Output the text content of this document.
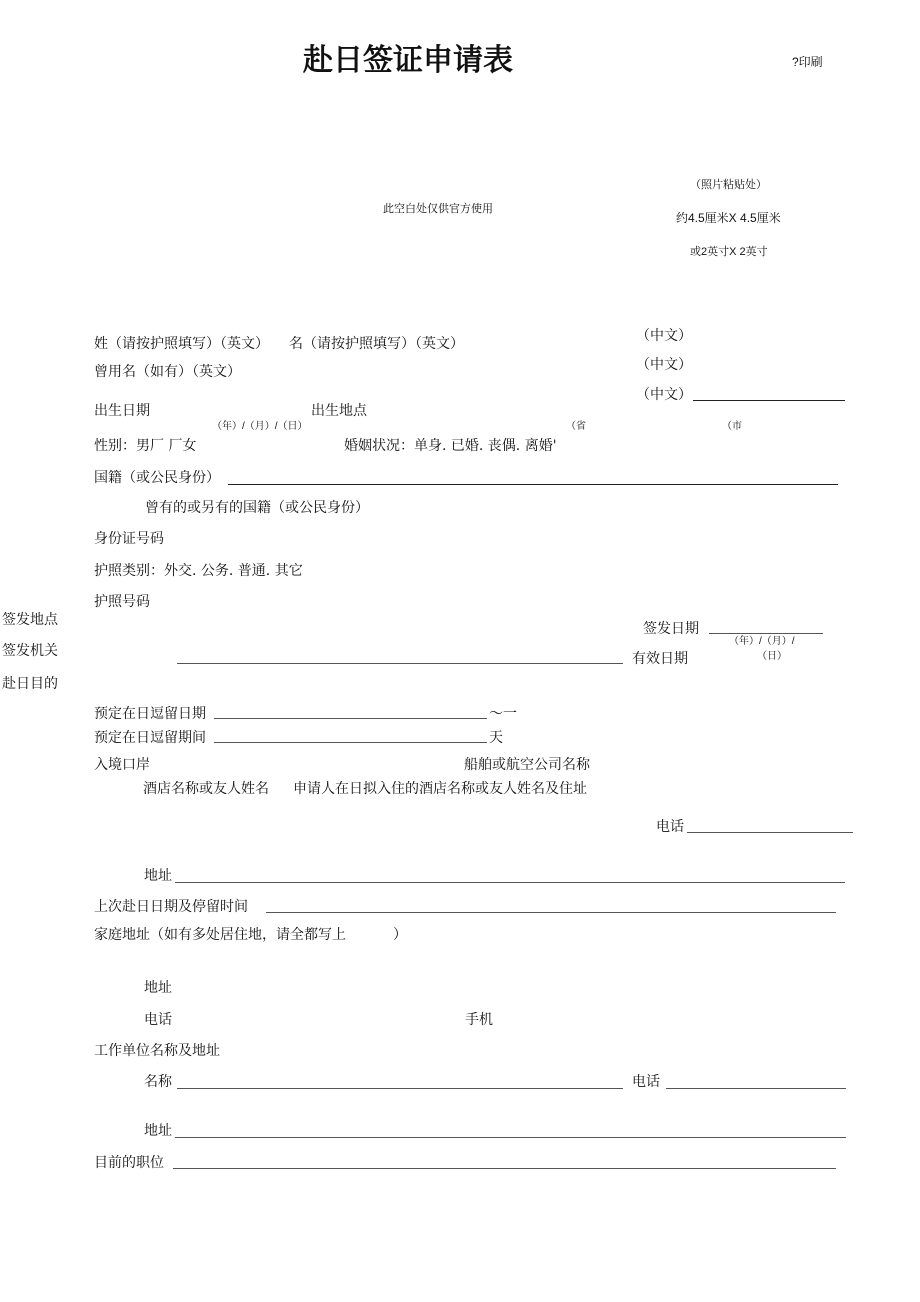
赴日签证申请表	?印刷
此空白处仅供官方使用
（照片粘贴处）
约4.5厘米X 4.5厘米
或2英寸X 2英寸
姓（请按护照填写）（英文） 名（请按护照填写）（英文）	（中文）
（中文）
（中文）
曾用名（如有）（英文）
出生日期	出生地点
（年）/（月）/（日）	（省	（市
性别：男厂 厂女	婚姻状况：单身. 已婚. 丧偶. 离婚'
国籍（或公民身份）
曾有的或另有的国籍（或公民身份）
身份证号码
护照类别：外交. 公务. 普通. 其它
护照号码
签发地点
签发日期
（年）/（月）/
（日）
签发机关	有效日期
赴日目的
预定在日逗留日期	～一
预定在日逗留期间	天
入境口岸	船舶或航空公司名称
酒店名称或友人姓名 申请人在日拟入住的酒店名称或友人姓名及住址
电话
地址
上次赴日日期及停留时间
家庭地址（如有多处居住地，请全都写上	）
地址
电话	手机
工作单位名称及地址
名称	电话
地址
目前的职位
